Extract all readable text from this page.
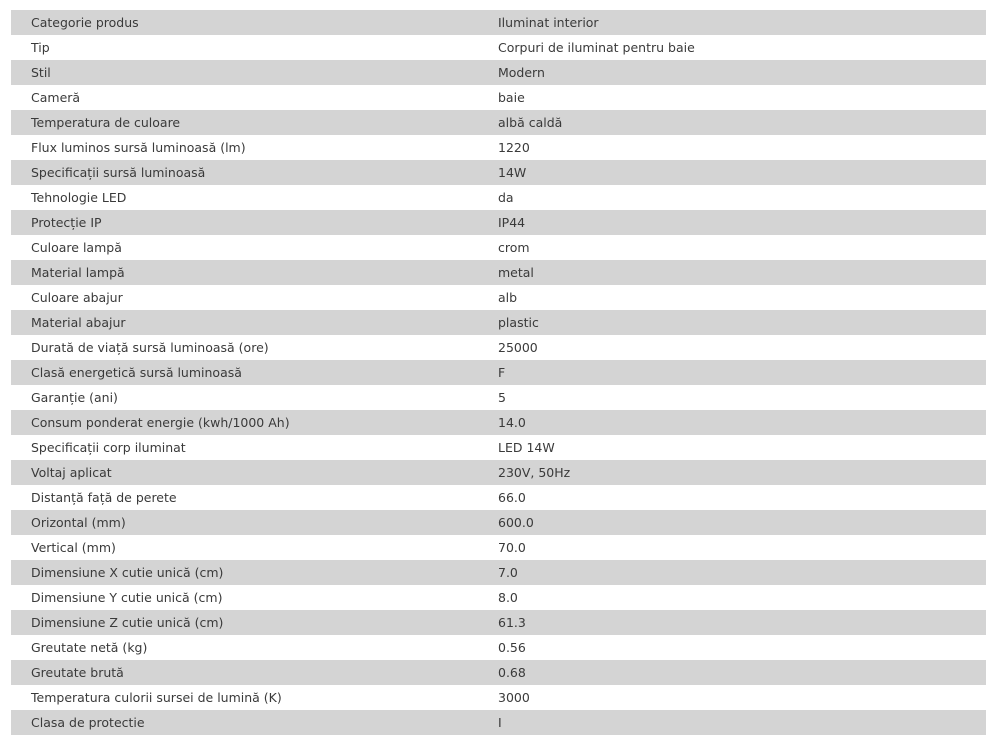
Categorie produs	Iluminat interior
Tip	Corpuri de iluminat pentru baie
Stil	Modern
Cameră	baie
Temperatura de culoare	albă caldă
Flux luminos sursă luminoasă (lm)	1220
Specificații sursă luminoasă	14W
Tehnologie LED	da
Protecție IP	IP44
Culoare lampă	crom
Material lampă	metal
Culoare abajur	alb
Material abajur	plastic
Durată de viață sursă luminoasă (ore)	25000
Clasă energetică sursă luminoasă	F
Garanție (ani)	5
Consum ponderat energie (kwh/1000 Ah)	14.0
Specificații corp iluminat	LED 14W
Voltaj aplicat	230V, 50Hz
Distanță față de perete	66.0
Orizontal (mm)	600.0
Vertical (mm)	70.0
Dimensiune X cutie unică (cm)	7.0
Dimensiune Y cutie unică (cm)	8.0
Dimensiune Z cutie unică (cm)	61.3
Greutate netă (kg)	0.56
Greutate brută	0.68
Temperatura culorii sursei de lumină (K)	3000
Clasa de protectie	I
